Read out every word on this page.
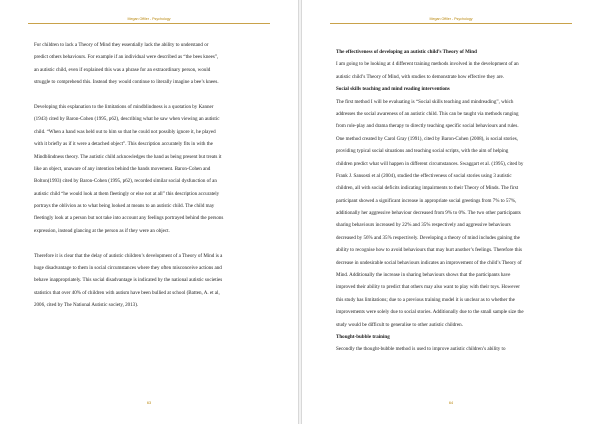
Megan Offiler - Psychology
For children to lack a Theory of Mind they essentially lack the ability to understand or
predict others behaviours. For example if an individual were described as “the bees knees”,
an autistic child, even if explained this was a phrase for an extraordinary person, would
struggle to comprehend this. Instead they would continue to literally imagine a bee’s knees.
Developing this explanation to the limitations of mindblindness is a quotation by Kanner
(1943) cited by Baron-Cohen (1995, p62), describing what he saw when viewing an autistic
child. “When a hand was held out to him so that he could not possibly ignore it, he played
with it briefly as if it were a detached object”. This description accurately fits in with the
Mindblindness theory. The autistic child acknowledges the hand as being present but treats it
like an object, unaware of any intention behind the hands movement. Baron-Cohen and
Bolton(1993) cited by Baron-Cohen (1995, p62), recorded similar social dysfunction of an
autistic child “he would look at them fleetingly or else not at all” this description accurately
portrays the oblivion as to what being looked at means to an autistic child. The child may
fleetingly look at a person but not take into account any feelings portrayed behind the persons
expression, instead glancing at the person as if they were an object.
Therefore it is clear that the delay of autistic children’s development of a Theory of Mind is a
huge disadvantage to them in social circumstances where they often misconceive actions and
behave inappropriately. This social disadvantage is indicated by the national autistic societies
statistics that over 40% of children with autism have been bullied at school (Batten, A. et al,
2006, cited by The National Autistic society, 2013).
63
Megan Offiler - Psychology
The effectiveness of developing an autistic child’s Theory of Mind
I am going to be looking at 4 different training methods involved in the development of an
autistic child’s Theory of Mind, with studies to demonstrate how effective they are.
Social skills teaching and mind reading interventions
The first method I will be evaluating is “Social skills teaching and mindreading”, which
addresses the social awareness of an autistic child. This can be taught via methods ranging
from role-play and drama therapy to directly teaching specific social behaviours and rules.
One method created by Carol Gray (1991), cited by Baron-Cohen (2008), is social stories,
providing typical social situations and teaching social scripts, with the aim of helping
children predict what will happen in different circumstances. Swaggart et al. (1995), cited by
Frank J. Sansosti et al (2004), studied the effectiveness of social stories using 3 autistic
children, all with social deficits indicating impairments to their Theory of Minds. The first
participant showed a significant increase in appropriate social greetings from 7% to 57%,
additionally her aggressive behaviour decreased from 9% to 0%. The two other participants
sharing behaviours increased by 22% and 35% respectively and aggressive behaviours
decreased by 56% and 35% respectively. Developing a theory of mind includes gaining the
ability to recognise how to avoid behaviours that may hurt another’s feelings. Therefore this
decrease in undesirable social behaviours indicates an improvement of the child’s Theory of
Mind. Additionally the increase in sharing behaviours shows that the participants have
improved their ability to predict that others may also want to play with their toys. However
this study has limitations; due to a previous training model it is unclear as to whether the
improvements were solely due to social stories. Additionally due to the small sample size the
study would be difficult to generalise to other autistic children.
Thought-bubble training
Secondly the thought-bubble method is used to improve autistic children’s ability to
64
